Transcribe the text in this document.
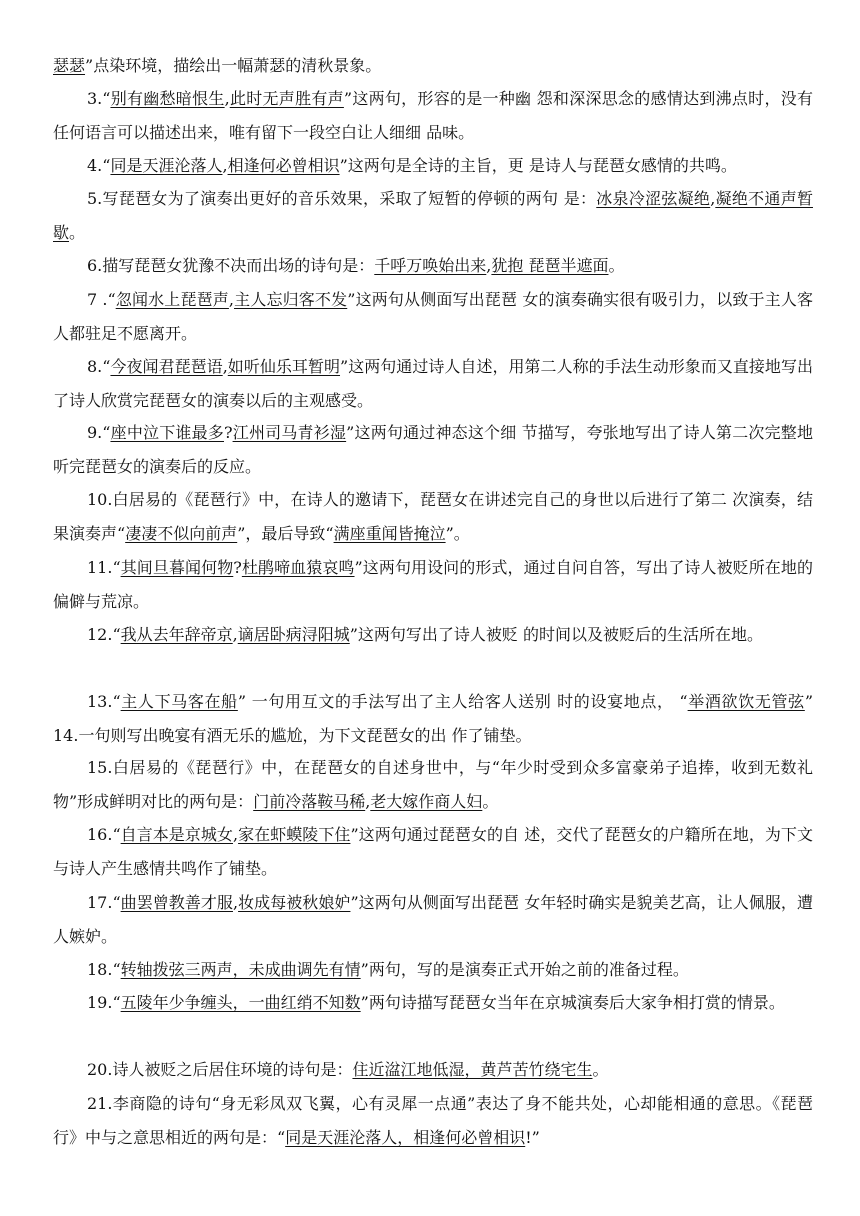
瑟瑟”点染环境，描绘出一幅萧瑟的清秋景象。

3.“别有幽愁暗恨生,此时无声胜有声”这两句，形容的是一种幽 怨和深深思念的感情达到沸点时，没有任何语言可以描述出来，唯有留下一段空白让人细细 品味。

4.“同是天涯沦落人,相逢何必曾相识”这两句是全诗的主旨，更 是诗人与琵琶女感情的共鸣。

5.写琵琶女为了演奏出更好的音乐效果，采取了短暂的停顿的两句 是：冰泉冷涩弦凝绝,凝绝不通声暂歇。

6.描写琵琶女犹豫不决而出场的诗句是：千呼万唤始出来,犹抱 琵琶半遮面。

7 .“忽闻水上琵琶声,主人忘归客不发”这两句从侧面写出琵琶 女的演奏确实很有吸引力，以致于主人客人都驻足不愿离开。

8.“今夜闻君琵琶语,如听仙乐耳暂明”这两句通过诗人自述，用第二人称的手法生动形象而又直接地写出了诗人欣赏完琵琶女的演奏以后的主观感受。

9.“座中泣下谁最多?江州司马青衫湿”这两句通过神态这个细 节描写，夸张地写出了诗人第二次完整地听完琵琶女的演奏后的反应。

10.白居易的《琵琶行》中，在诗人的邀请下，琵琶女在讲述完自己的身世以后进行了第二 次演奏，结果演奏声“凄凄不似向前声”，最后导致“满座重闻皆掩泣”。

11.“其间旦暮闻何物?杜鹃啼血猿哀鸣”这两句用设问的形式，通过自问自答，写出了诗人被贬所在地的偏僻与荒凉。

12.“我从去年辞帝京,谪居卧病浔阳城”这两句写出了诗人被贬 的时间以及被贬后的生活所在地。

13.“主人下马客在船” 一句用互文的手法写出了主人给客人送别 时的设宴地点， “举酒欲饮无管弦” 14.一句则写出晚宴有酒无乐的尴尬，为下文琵琶女的出 作了铺垫。

15.白居易的《琵琶行》中，在琵琶女的自述身世中，与“年少时受到众多富豪弟子追捧，收到无数礼物”形成鲜明对比的两句是：门前冷落鞍马稀,老大嫁作商人妇。

16.“自言本是京城女,家在虾蟆陵下住”这两句通过琵琶女的自 述，交代了琵琶女的户籍所在地，为下文与诗人产生感情共鸣作了铺垫。

17.“曲罢曾教善才服,妆成每被秋娘妒”这两句从侧面写出琵琶 女年轻时确实是貌美艺高，让人佩服，遭人嫉妒。

18.“转轴拨弦三两声，未成曲调先有情”两句，写的是演奏正式开始之前的准备过程。

19.“五陵年少争缠头，一曲红绡不知数”两句诗描写琵琶女当年在京城演奏后大家争相打赏的情景。

20.诗人被贬之后居住环境的诗句是：住近湓江地低湿，黄芦苦竹绕宅生。

21.李商隐的诗句“身无彩凤双飞翼，心有灵犀一点通”表达了身不能共处，心却能相通的意思。《琵琶行》中与之意思相近的两句是：“同是天涯沦落人，相逢何必曾相识!”
